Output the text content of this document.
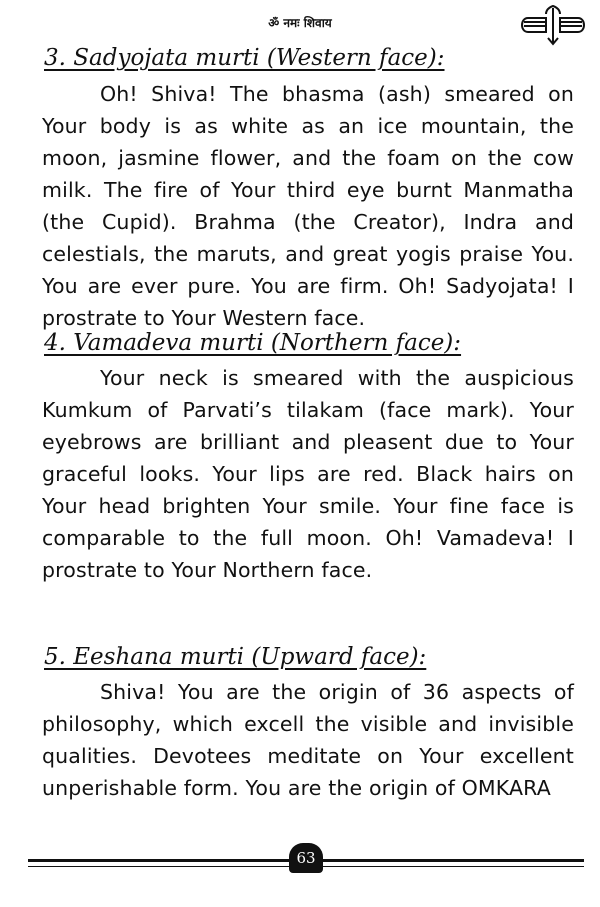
ॐ नमः शिवाय
3. Sadyojata murti (Western face):

Oh! Shiva! The bhasma (ash) smeared on Your body is as white as an ice mountain, the moon, jasmine flower, and the foam on the cow milk. The fire of Your third eye burnt Manmatha (the Cupid). Brahma (the Creator), Indra and celestials, the maruts, and great yogis praise You. You are ever pure. You are firm. Oh! Sadyojata! I prostrate to Your Western face.

4. Vamadeva murti (Northern face):

Your neck is smeared with the auspicious Kumkum of Parvati’s tilakam (face mark). Your eyebrows are brilliant and pleasent due to Your graceful looks. Your lips are red. Black hairs on Your head brighten Your smile. Your fine face is comparable to the full moon. Oh! Vamadeva! I prostrate to Your Northern face.

5. Eeshana murti (Upward face):

Shiva! You are the origin of 36 aspects of philosophy, which excell the visible and invisible qualities. Devotees meditate on Your excellent unperishable form. You are the origin of OMKARA

63
